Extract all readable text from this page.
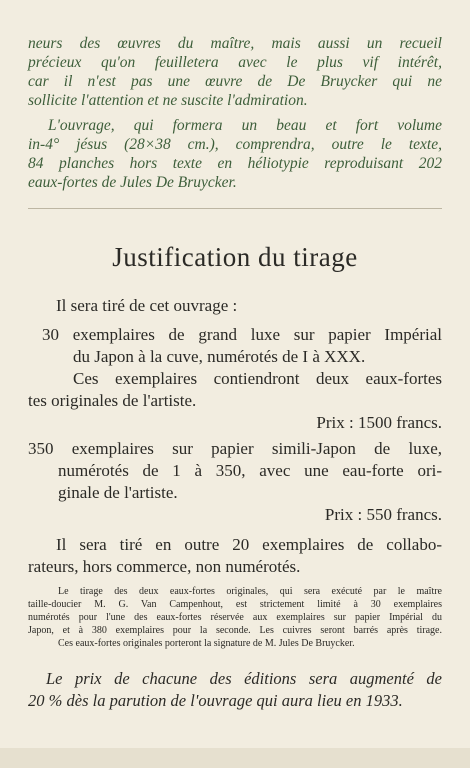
neurs des œuvres du maître, mais aussi un recueil
précieux qu'on feuilletera avec le plus vif intérêt,
car il n'est pas une œuvre de De Bruycker qui ne
sollicite l'attention et ne suscite l'admiration.
L'ouvrage, qui formera un beau et fort volume
in-4° jésus (28×38 cm.), comprendra, outre le texte,
84 planches hors texte en héliotypie reproduisant 202
eaux-fortes de Jules De Bruycker.
Justification du tirage
Il sera tiré de cet ouvrage :
30 exemplaires de grand luxe sur papier Impérial
du Japon à la cuve, numérotés de I à XXX.
Ces exemplaires contiendront deux eaux-fortes
tes originales de l'artiste.
Prix : 1500 francs.
350 exemplaires sur papier simili-Japon de luxe,
numérotés de 1 à 350, avec une eau-forte ori-
ginale de l'artiste.
Prix : 550 francs.
Il sera tiré en outre 20 exemplaires de collabo-
rateurs, hors commerce, non numérotés.
Le tirage des deux eaux-fortes originales, qui sera exécuté par le maître
taille-doucier M. G. Van Campenhout, est strictement limité à 30 exemplaires
numérotés pour l'une des eaux-fortes réservée aux exemplaires sur papier Impérial du
Japon, et à 380 exemplaires pour la seconde. Les cuivres seront barrés après tirage.
Ces eaux-fortes originales porteront la signature de M. Jules De Bruycker.
Le prix de chacune des éditions sera augmenté de
20 % dès la parution de l'ouvrage qui aura lieu en 1933.
